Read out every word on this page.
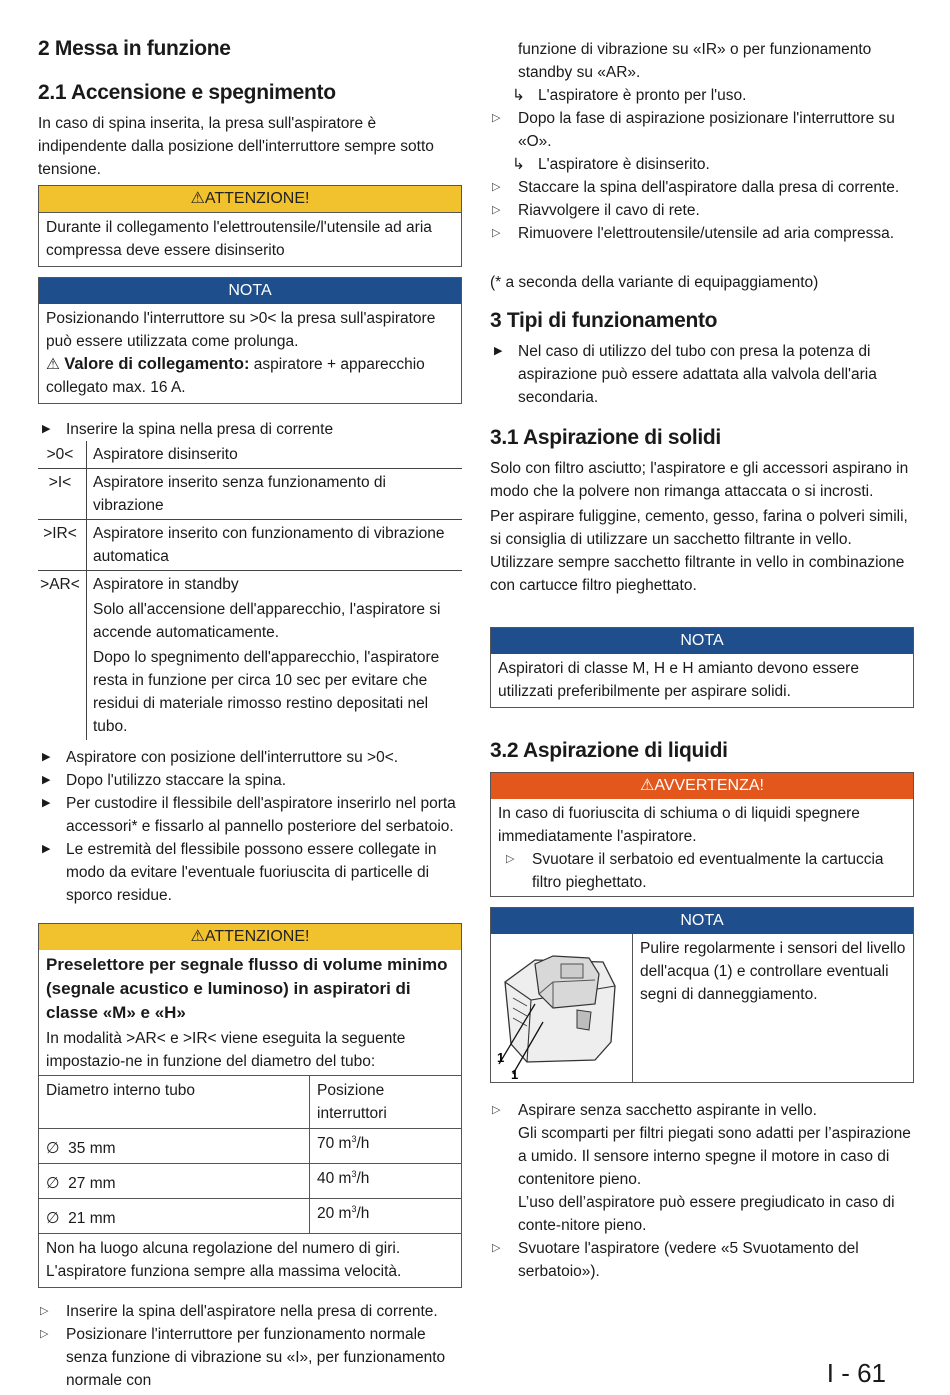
2 Messa in funzione
2.1 Accensione e spegnimento

In caso di spina inserita, la presa sull'aspiratore è indipendente dalla posizione dell'interruttore sempre sotto tensione.

⚠ATTENZIONE!
Durante il collegamento l'elettroutensile/l'utensile ad aria compressa deve essere disinserito
NOTA

Posizionando l'interruttore su >0< la presa sull'aspiratore può essere utilizzata come prolunga.

⚠ Valore di collegamento: aspiratore + apparecchio collegato max. 16 A.

▶ Inserire la spina nella presa di corrente
>0<	Aspiratore disinserito
>I<	Aspiratore inserito senza funzionamento di vibrazione
>IR<	Aspiratore inserito con funzionamento di vibrazione automatica
>AR<	Aspiratore in standby
Solo all'accensione dell'apparecchio, l'aspiratore si accende automaticamente.
Dopo lo spegnimento dell'apparecchio, l'aspiratore resta in funzione per circa 10 sec per evitare che residui di materiale rimosso restino depositati nel tubo.
▶ Aspiratore con posizione dell'interruttore su >0<.
▶ Dopo l'utilizzo staccare la spina.
▶ Per custodire il flessibile dell'aspiratore inserirlo nel porta accessori* e fissarlo al pannello posteriore del serbatoio.
▶ Le estremità del flessibile possono essere collegate in modo da evitare l'eventuale fuoriuscita di particelle di sporco residue.
⚠ATTENZIONE!

Preselettore per segnale flusso di volume minimo (segnale acustico e luminoso) in aspiratori di classe «M» e «H»

In modalità >AR< e >IR< viene eseguita la seguente impostazio-ne in funzione del diametro del tubo:

Diametro interno tubo	Posizione interruttori
∅ 35 mm	70 $m^3/h$
∅ 27 mm	40 $m^3/h$
∅ 21 mm	20 $m^3/h$
Non ha luogo alcuna regolazione del numero di giri. L'aspiratore funziona sempre alla massima velocità.
▷ Inserire la spina dell'aspiratore nella presa di corrente.
▷ Posizionare l'interruttore per funzionamento normale senza funzione di vibrazione su «I», per funzionamento normale con
funzione di vibrazione su «IR» o per funzionamento standby su «AR».
↳ L'aspiratore è pronto per l'uso.
▷ Dopo la fase di aspirazione posizionare l'interruttore su «O».
↳ L'aspiratore è disinserito.
▷ Staccare la spina dell'aspiratore dalla presa di corrente.
▷ Riavvolgere il cavo di rete.
▷ Rimuovere l'elettroutensile/utensile ad aria compressa.

(* a seconda della variante di equipaggiamento)

3 Tipi di funzionamento
▶ Nel caso di utilizzo del tubo con presa la potenza di aspirazione può essere adattata alla valvola dell'aria secondaria.
3.1 Aspirazione di solidi

Solo con filtro asciutto; l'aspiratore e gli accessori aspirano in modo che la polvere non rimanga attaccata o si incrosti.

Per aspirare fuliggine, cemento, gesso, farina o polveri simili, si consiglia di utilizzare un sacchetto filtrante in vello. Utilizzare sempre sacchetto filtrante in vello in combinazione con cartucce filtro pieghettato.

NOTA
Aspiratori di classe M, H e H amianto devono essere utilizzati preferibilmente per aspirare solidi.
3.2 Aspirazione di liquidi
⚠AVVERTENZA!

In caso di fuoriuscita di schiuma o di liquidi spegnere immediatamente l'aspiratore.

▷ Svuotare il serbatoio ed eventualmente la cartuccia filtro pieghettato.
NOTA
1
1
Pulire regolarmente i sensori del livello dell'acqua (1) e controllare eventuali segni di danneggiamento.
▷ Aspirare senza sacchetto aspirante in vello.
Gli scomparti per filtri piegati sono adatti per l’aspirazione a umido. Il sensore interno spegne il motore in caso di contenitore pieno.
L’uso dell’aspiratore può essere pregiudicato in caso di conte-nitore pieno.
▷ Svuotare l'aspiratore (vedere «5 Svuotamento del serbatoio»).
I - 61
